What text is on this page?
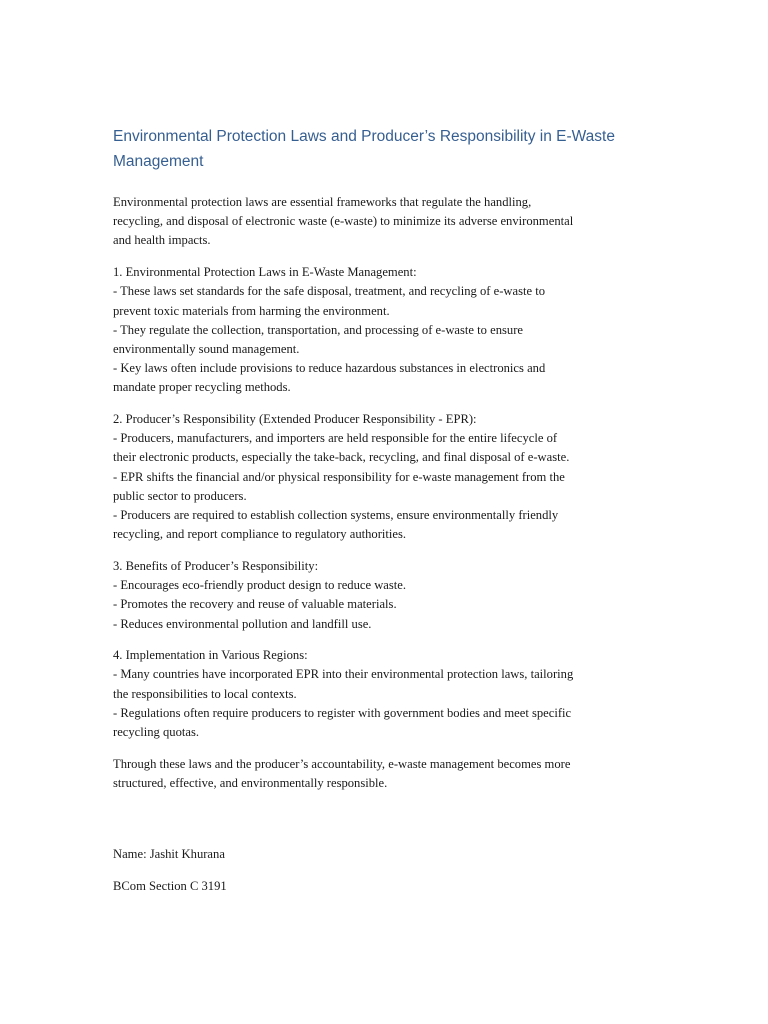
Environmental Protection Laws and Producer’s Responsibility in E-Waste
Management

Environmental protection laws are essential frameworks that regulate the handling,
recycling, and disposal of electronic waste (e-waste) to minimize its adverse environmental
and health impacts.

1. Environmental Protection Laws in E-Waste Management:
- These laws set standards for the safe disposal, treatment, and recycling of e-waste to
prevent toxic materials from harming the environment.
- They regulate the collection, transportation, and processing of e-waste to ensure
environmentally sound management.
- Key laws often include provisions to reduce hazardous substances in electronics and
mandate proper recycling methods.

2. Producer’s Responsibility (Extended Producer Responsibility - EPR):
- Producers, manufacturers, and importers are held responsible for the entire lifecycle of
their electronic products, especially the take-back, recycling, and final disposal of e-waste.
- EPR shifts the financial and/or physical responsibility for e-waste management from the
public sector to producers.
- Producers are required to establish collection systems, ensure environmentally friendly
recycling, and report compliance to regulatory authorities.

3. Benefits of Producer’s Responsibility:
- Encourages eco-friendly product design to reduce waste.
- Promotes the recovery and reuse of valuable materials.
- Reduces environmental pollution and landfill use.

4. Implementation in Various Regions:
- Many countries have incorporated EPR into their environmental protection laws, tailoring
the responsibilities to local contexts.
- Regulations often require producers to register with government bodies and meet specific
recycling quotas.

Through these laws and the producer’s accountability, e-waste management becomes more
structured, effective, and environmentally responsible.

Name: Jashit Khurana

BCom Section C 3191
